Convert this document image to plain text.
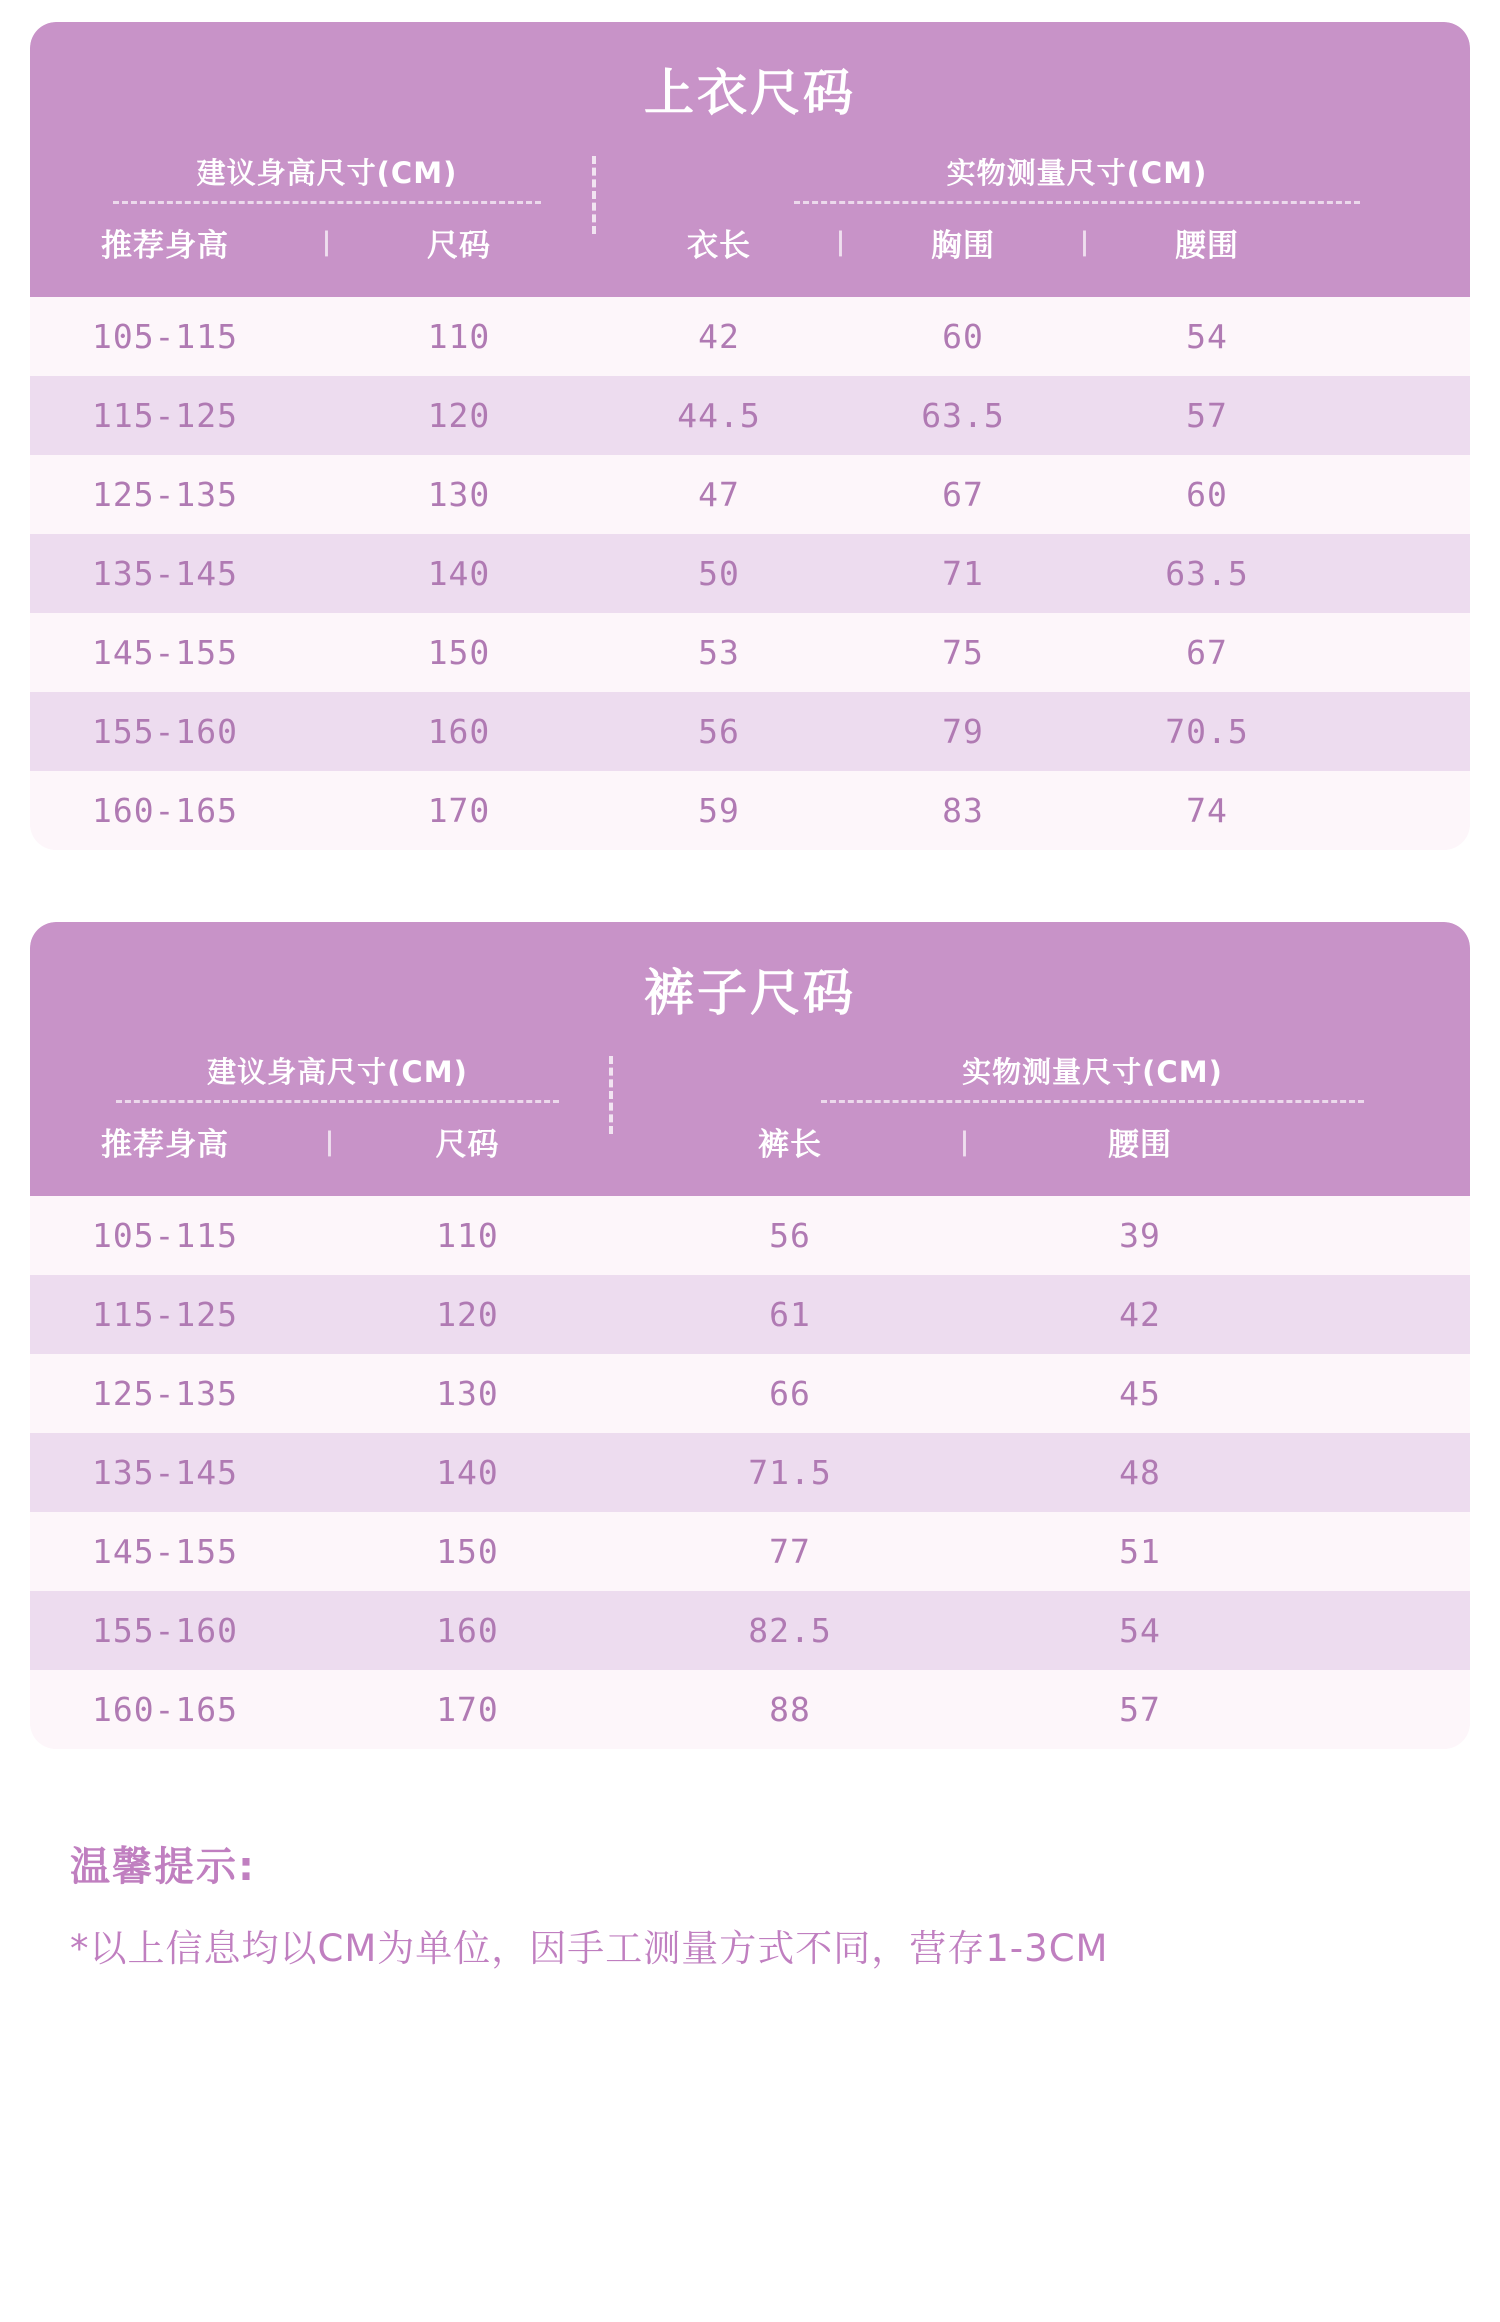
上衣尺码
建议身高尺寸(CM)	实物测量尺寸(CM)
推荐身高	|	尺码	衣长	|	胸围	|	腰围
105-115	110	42	60	54
115-125	120	44.5	63.5	57
125-135	130	47	67	60
135-145	140	50	71	63.5
145-155	150	53	75	67
155-160	160	56	79	70.5
160-165	170	59	83	74
裤子尺码
建议身高尺寸(CM)	实物测量尺寸(CM)
推荐身高	|	尺码	裤长	|	腰围
105-115	110	56	39
115-125	120	61	42
125-135	130	66	45
135-145	140	71.5	48
145-155	150	77	51
155-160	160	82.5	54
160-165	170	88	57
温馨提示:
*以上信息均以CM为单位，因手工测量方式不同，营存1-3CM
